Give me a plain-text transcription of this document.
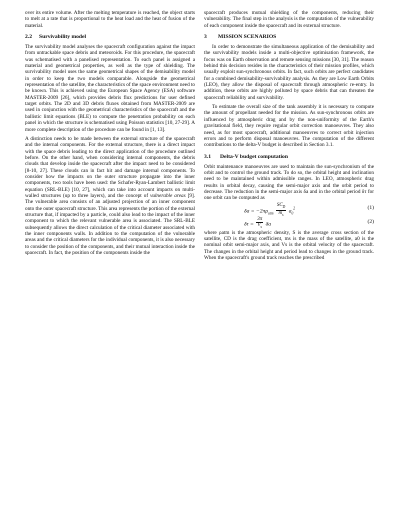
over its entire volume. After the melting temperature is reached, the object starts to melt at a rate that is proportional to the heat load and the heat of fusion of the material.

2.2 Survivability model

The survivability model analyses the spacecraft configuration against the impact from untrackable space debris and meteoroids. For this procedure, the spacecraft was schematised with a panelised representation. To each panel is assigned a material and geometrical properties, as well as the type of shielding. The survivability model uses the same geometrical shapes of the demisability model in order to keep the two models comparable. Alongside the geometrical representation of the satellite, the characteristics of the space environment need to be known. This is achieved using the European Space Agency (ESA) software MASTER-2009 [26], which provides debris flux predictions for user defined target orbits. The 2D and 3D debris fluxes obtained from MASTER-2009 are used in conjunction with the geometrical characteristics of the spacecraft and the ballistic limit equations (BLE) to compute the penetration probability on each panel in which the structure is schematised using Poisson statistics [10, 27-29]. A more complete description of the procedure can be found in [1, 13].

A distinction needs to be made between the external structure of the spacecraft and the internal components. For the external structure, there is a direct impact with the space debris leading to the direct application of the procedure outlined before. On the other hand, when considering internal components, the debris clouds that develop inside the spacecraft after the impact need to be considered [8-10, 27]. These clouds can in fact hit and damage internal components. To consider how the impacts on the outer structure propagate into the inner components, two tools have been used: the Schafer-Ryan-Lambert ballistic limit equation (SRL-BLE) [10, 27], which can take into account impacts on multi-walled structures (up to three layers), and the concept of vulnerable areas [9]. The vulnerable area consists of an adjusted projection of an inner component onto the outer spacecraft structure. This area represents the portion of the external structure that, if impacted by a particle, could also lead to the impact of the inner component to which the relevant vulnerable area is associated. The SRL-BLE subsequently allows the direct calculation of the critical diameter associated with the inner components walls. In addition to the computation of the vulnerable areas and the critical diameters for the individual components, it is also necessary to consider the position of the components, and their mutual interaction inside the spacecraft. In fact, the position of the components inside the

spacecraft produces mutual shielding of the components, reducing their vulnerability. The final step in the analysis is the computation of the vulnerability of each component inside the spacecraft and its external structure.

3 MISSION SCENARIOS

In order to demonstrate the simultaneous application of the demisability and the survivability models inside a multi-objective optimisation framework, the focus was on Earth observation and remote sensing missions [30, 31]. The reason behind this decision resides in the characteristics of their mission profiles, which usually exploit sun-synchronous orbits. In fact, such orbits are perfect candidates for a combined demisability-survivability analysis. As they are Low Earth Orbits (LEO), they allow the disposal of spacecraft through atmospheric re-entry. In addition, these orbits are highly polluted by space debris that can threaten the spacecraft reliability and survivability.

To estimate the overall size of the tank assembly it is necessary to compute the amount of propellant needed for the mission. As sun-synchronous orbits are influenced by atmospheric drag and by the non-uniformity of the Earth's gravitational field, they require regular orbit correction manoeuvres. They also need, as for most spacecraft, additional manoeuvres to correct orbit injection errors and to perform disposal manoeuvres. The computation of the different contributions to the delta-V budget is described in Section 3.1.

3.1 Delta-V budget computation

Orbit maintenance manoeuvres are used to maintain the sun-synchronism of the orbit and to control the ground track. To do so, the orbital height and inclination need to be maintained within admissible ranges. In LEO, atmospheric drag results in orbital decay, causing the semi-major axis and the orbit period to decrease. The reduction in the semi-major axis δa and in the orbital period δτ for one orbit can be computed as

$\delta a = -2\pi\rho_{atm} \frac{SC_D}{m_s} a_0^2$	(1)
$\delta\tau = \frac{3\pi}{V_s}$ δa	(2)

where ρatm is the atmospheric density, S is the average cross section of the satellite, CD is the drag coefficient, ms is the mass of the satellite, a0 is the nominal orbit semi-major axis, and Vs is the orbital velocity of the spacecraft. The changes in the orbital height and period lead to changes in the ground track. When the spacecraft's ground track reaches the prescribed
